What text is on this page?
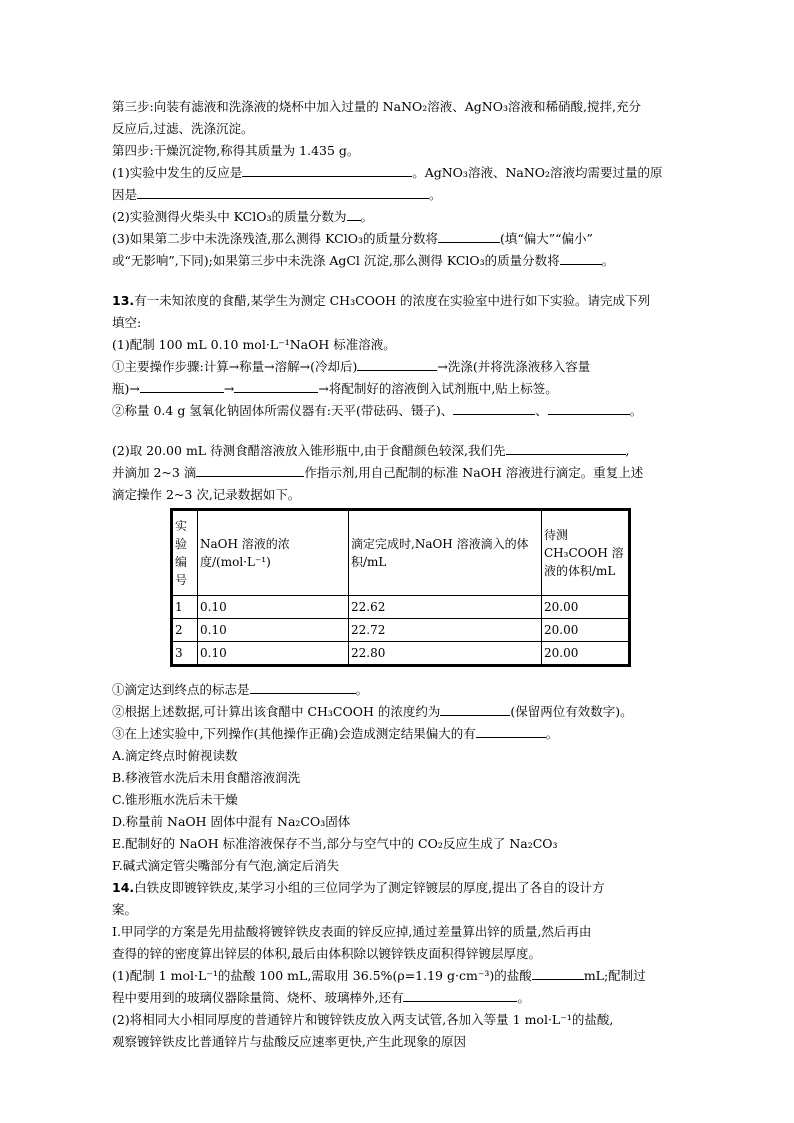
第三步:向装有滤液和洗涤液的烧杯中加入过量的 NaNO₂溶液、AgNO₃溶液和稀硝酸,搅拌,充分
反应后,过滤、洗涤沉淀。
第四步:干燥沉淀物,称得其质量为 1.435 g。
(1)实验中发生的反应是	。AgNO₃溶液、NaNO₂溶液均需要过量的原
因是	。
(2)实验测得火柴头中 KClO₃的质量分数为 。
(3)如果第二步中未洗涤残渣,那么测得 KClO₃的质量分数将	(填“偏大”“偏小”
或“无影响”,下同);如果第三步中未洗涤 AgCl 沉淀,那么测得 KClO₃的质量分数将	。
13.有一未知浓度的食醋,某学生为测定 CH₃COOH 的浓度在实验室中进行如下实验。请完成下列
填空:
(1)配制 100 mL 0.10 mol·L⁻¹NaOH 标准溶液。
①主要操作步骤:计算→称量→溶解→(冷却后)	→洗涤(并将洗涤液移入容量
瓶)→	→	→将配制好的溶液倒入试剂瓶中,贴上标签。
②称量 0.4 g 氢氧化钠固体所需仪器有:天平(带砝码、镊子)、	、	。
(2)取 20.00 mL 待测食醋溶液放入锥形瓶中,由于食醋颜色较深,我们先	,
并滴加 2~3 滴	作指示剂,用自己配制的标准 NaOH 溶液进行滴定。重复上述
滴定操作 2~3 次,记录数据如下。
实验编号	NaOH 溶液的浓度/(mol·L⁻¹)	滴定完成时,NaOH 溶液滴入的体积/mL	待测 CH₃COOH 溶液的体积/mL
1	0.10	22.62	20.00
2	0.10	22.72	20.00
3	0.10	22.80	20.00
①滴定达到终点的标志是	。
②根据上述数据,可计算出该食醋中 CH₃COOH 的浓度约为	(保留两位有效数字)。
③在上述实验中,下列操作(其他操作正确)会造成测定结果偏大的有	。
A.滴定终点时俯视读数
B.移液管水洗后未用食醋溶液润洗
C.锥形瓶水洗后未干燥
D.称量前 NaOH 固体中混有 Na₂CO₃固体
E.配制好的 NaOH 标准溶液保存不当,部分与空气中的 CO₂反应生成了 Na₂CO₃
F.碱式滴定管尖嘴部分有气泡,滴定后消失
14.白铁皮即镀锌铁皮,某学习小组的三位同学为了测定锌镀层的厚度,提出了各自的设计方
案。
Ⅰ.甲同学的方案是先用盐酸将镀锌铁皮表面的锌反应掉,通过差量算出锌的质量,然后再由
查得的锌的密度算出锌层的体积,最后由体积除以镀锌铁皮面积得锌镀层厚度。
(1)配制 1 mol·L⁻¹的盐酸 100 mL,需取用 36.5%(ρ=1.19 g·cm⁻³)的盐酸	mL;配制过
程中要用到的玻璃仪器除量筒、烧杯、玻璃棒外,还有	。
(2)将相同大小相同厚度的普通锌片和镀锌铁皮放入两支试管,各加入等量 1 mol·L⁻¹的盐酸,
观察镀锌铁皮比普通锌片与盐酸反应速率更快,产生此现象的原因
